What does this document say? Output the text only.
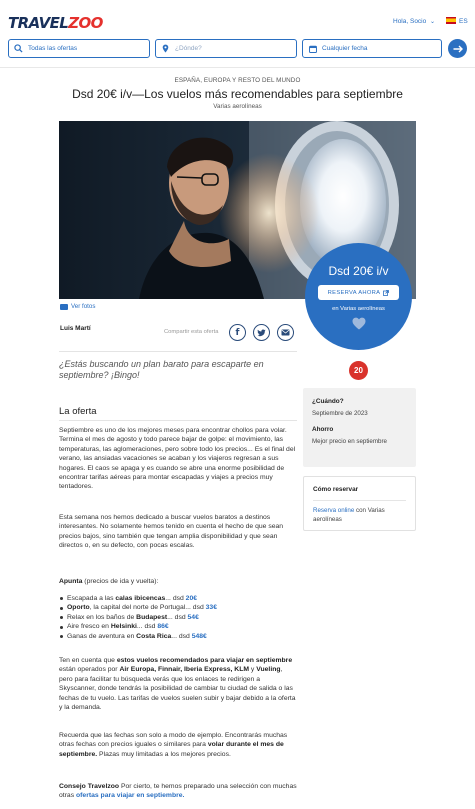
TRAVELZOO	Hola, Socio ⌄	ES
Todas las ofertas	¿Dónde?	Cualquier fecha
ESPAÑA, EUROPA Y RESTO DEL MUNDO
Dsd 20€ i/v—Los vuelos más recomendables para septiembre
Varias aerolíneas
Ver fotos
Dsd 20€ i/v
RESERVA AHORA
en Varias aerolíneas
Luis Martí	Compartir esta oferta f
¿Estás buscando un plan barato para escaparte en septiembre? ¡Bingo!	20
La oferta
Septiembre es uno de los mejores meses para encontrar chollos para volar. Termina el mes de agosto y todo parece bajar de golpe: el movimiento, las temperaturas, las aglomeraciones, pero sobre todo los precios... Es el final del verano, las ansiadas vacaciones se acaban y los viajeros regresan a sus hogares. El caos se apaga y es cuando se abre una enorme posibilidad de encontrar tarifas aéreas para montar escapadas y viajes a precios muy tentadores.
Esta semana nos hemos dedicado a buscar vuelos baratos a destinos interesantes. No solamente hemos tenido en cuenta el hecho de que sean precios bajos, sino también que tengan amplia disponibilidad y que sean directos o, en su defecto, con pocas escalas.
Apunta (precios de ida y vuelta):
Escapada a las calas ibicencas... dsd 20€
Oporto, la capital del norte de Portugal... dsd 33€
Relax en los baños de Budapest... dsd 54€
Aire fresco en Helsinki... dsd 86€
Ganas de aventura en Costa Rica... dsd 548€
Ten en cuenta que estos vuelos recomendados para viajar en septiembre están operados por Air Europa, Finnair, Iberia Express, KLM y Vueling, pero para facilitar tu búsqueda verás que los enlaces te redirigen a Skyscanner, donde tendrás la posibilidad de cambiar tu ciudad de salida o las fechas de tu vuelo. Las tarifas de vuelos suelen subir y bajar debido a la oferta y la demanda.
Recuerda que las fechas son solo a modo de ejemplo. Encontrarás muchas otras fechas con precios iguales o similares para volar durante el mes de septiembre. Plazas muy limitadas a los mejores precios.
Consejo Travelzoo Por cierto, te hemos preparado una selección con muchas otras ofertas para viajar en septiembre.
¿Cuándo?
Septiembre de 2023
Ahorro
Mejor precio en septiembre
Cómo reservar
Reserva online con Varias aerolíneas
